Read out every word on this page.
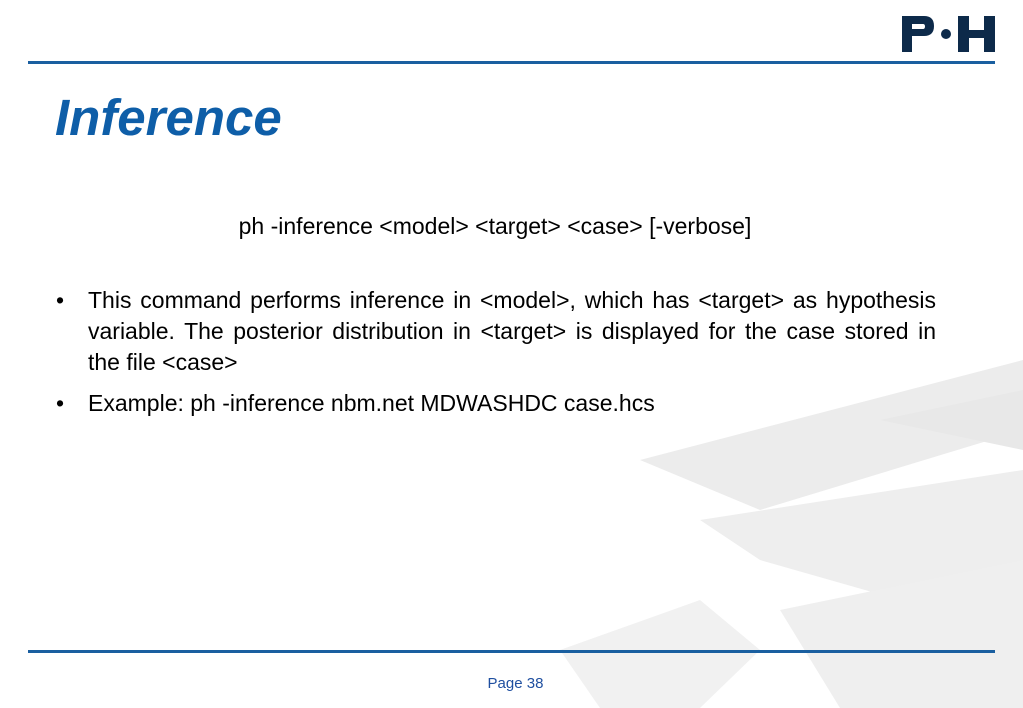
Inference
ph -inference <model> <target> <case> [-verbose]
• This command performs inference in <model>, which has <target> as hypothesis variable. The posterior distribution in <target> is displayed for the case stored in the file <case>
• Example: ph -inference nbm.net MDWASHDC case.hcs
Page 38
